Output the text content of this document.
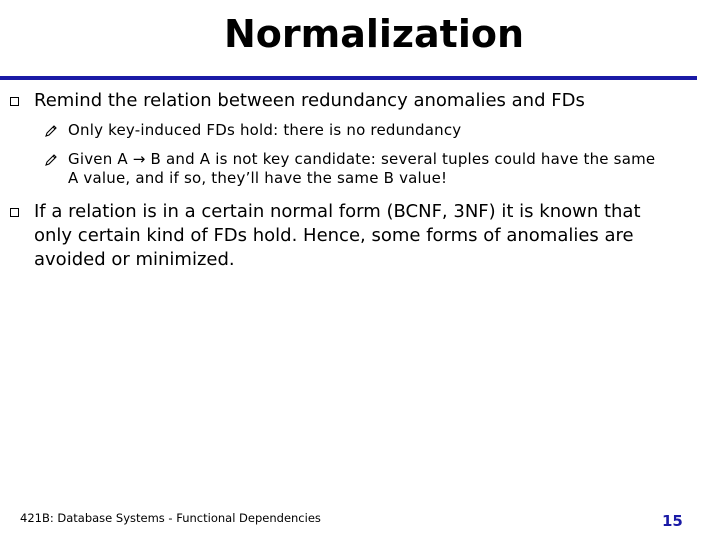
Normalization
Remind the relation between redundancy anomalies and FDs
Only key-induced FDs hold: there is no redundancy
Given A → B and A is not key candidate: several tuples could have the same
A value, and if so, they’ll have the same B value!
If a relation is in a certain normal form (BCNF, 3NF) it is known that
only certain kind of FDs hold. Hence, some forms of anomalies are
avoided or minimized.
421B: Database Systems - Functional Dependencies	15
